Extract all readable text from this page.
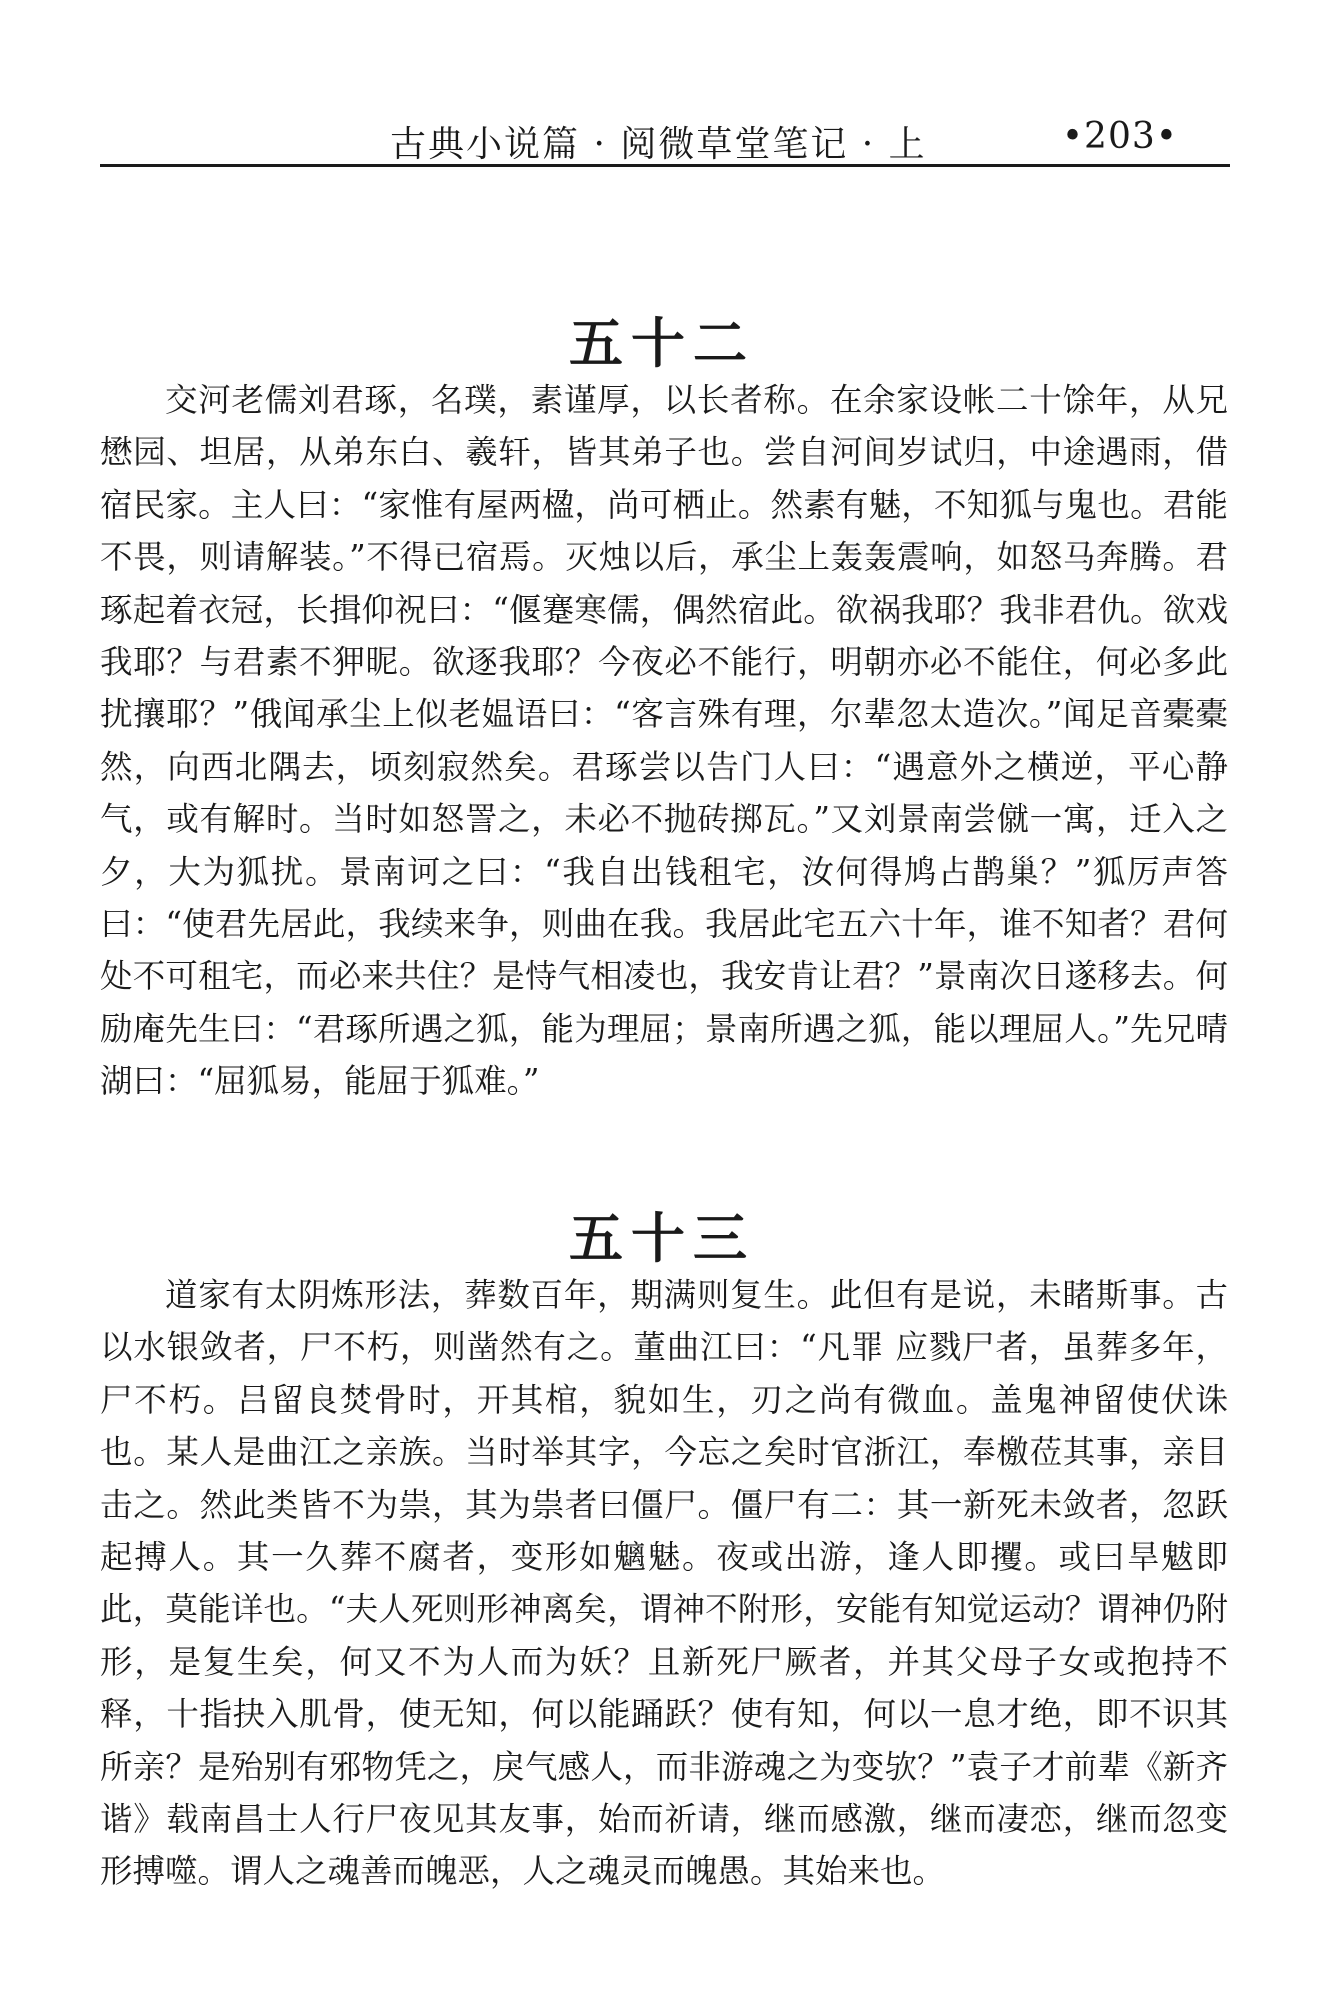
古典小说篇 · 阅微草堂笔记 · 上	•203•
五十二

交河老儒刘君琢，名璞，素谨厚，以长者称。在余家设帐二十馀年，从兄懋园、坦居，从弟东白、羲轩，皆其弟子也。尝自河间岁试归，中途遇雨，借宿民家。主人曰：“家惟有屋两楹，尚可栖止。然素有魅，不知狐与鬼也。君能不畏，则请解装。”不得已宿焉。灭烛以后，承尘上轰轰震响，如怒马奔腾。君琢起着衣冠，长揖仰祝曰：“偃蹇寒儒，偶然宿此。欲祸我耶？我非君仇。欲戏我耶？与君素不狎昵。欲逐我耶？今夜必不能行，明朝亦必不能住，何必多此扰攘耶？”俄闻承尘上似老媪语曰：“客言殊有理，尔辈忽太造次。”闻足音橐橐然，向西北隅去，顷刻寂然矣。君琢尝以告门人曰：“遇意外之横逆，平心静气，或有解时。当时如怒詈之，未必不抛砖掷瓦。”又刘景南尝僦一寓，迁入之夕，大为狐扰。景南诃之曰：“我自出钱租宅，汝何得鸠占鹊巢？”狐厉声答曰：“使君先居此，我续来争，则曲在我。我居此宅五六十年，谁不知者？君何处不可租宅，而必来共住？是恃气相凌也，我安肯让君？”景南次日遂移去。何励庵先生曰：“君琢所遇之狐，能为理屈；景南所遇之狐，能以理屈人。”先兄晴湖曰：“屈狐易，能屈于狐难。”

五十三

道家有太阴炼形法，葬数百年，期满则复生。此但有是说，未睹斯事。古以水银敛者，尸不朽，则凿然有之。董曲江曰：“凡罪 应戮尸者，虽葬多年，尸不朽。吕留良焚骨时，开其棺，貌如生，刃之尚有微血。盖鬼神留使伏诛也。某人是曲江之亲族。当时举其字，今忘之矣时官浙江，奉檄莅其事，亲目击之。然此类皆不为祟，其为祟者曰僵尸。僵尸有二：其一新死未敛者，忽跃起搏人。其一久葬不腐者，变形如魑魅。夜或出游，逢人即攫。或曰旱魃即此，莫能详也。“夫人死则形神离矣，谓神不附形，安能有知觉运动？谓神仍附形，是复生矣，何又不为人而为妖？且新死尸厥者，并其父母子女或抱持不释，十指抉入肌骨，使无知，何以能踊跃？使有知，何以一息才绝，即不识其所亲？是殆别有邪物凭之，戾气感人，而非游魂之为变欤？”袁子才前辈《新齐谐》载南昌士人行尸夜见其友事，始而祈请，继而感激，继而凄恋，继而忽变形搏噬。谓人之魂善而魄恶，人之魂灵而魄愚。其始来也。
